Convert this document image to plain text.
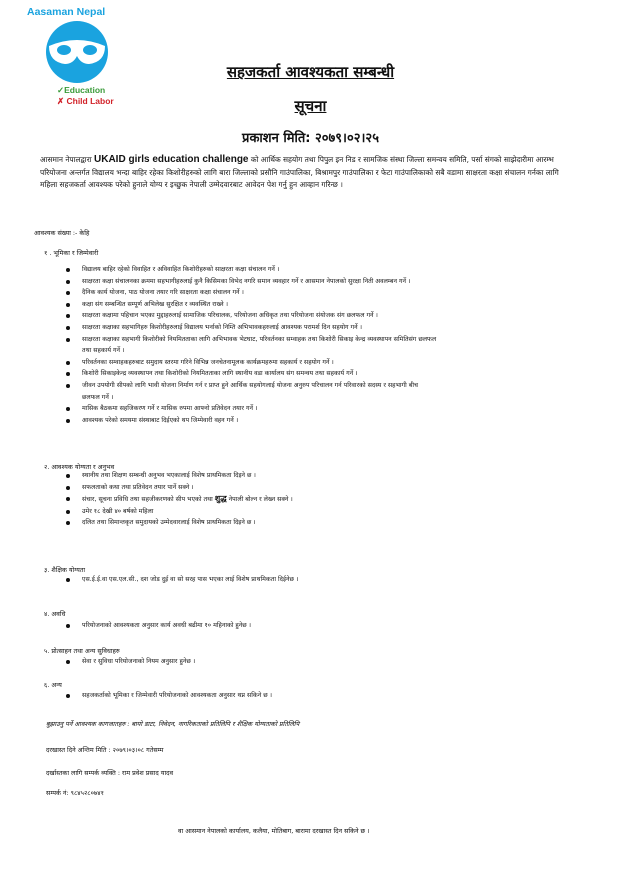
Aasaman Nepal
✓Education
✗ Child Labor
सहजकर्ता आवश्यकता सम्बन्धी
सूचना
प्रकाशन मिति: २०७९।०२।२५
आसमान नेपालद्वारा UKAID girls education challenge को आर्थिक सहयोग तथा पिपुल इन निड र सामजिक संस्था जिल्ला समन्वय समिति, पर्सा संगको साझेदारीमा आरम्भ परियोजना अन्तर्गत विद्यालय भन्दा बाहिर रहेका किशोरीहरुको लागि बारा जिल्लाको प्रसौनि गाउंपालिका, बिश्रामपुर गाउंपालिका र फेटा गाउंपालिकाको सबै वडामा साक्षरता कक्षा संचालन गर्नका लागि महिला सहजकर्ता आवश्यक परेको हुनाले योग्य र इच्छुक नेपाली उम्मेदवारबाट आवेदन पेश गर्नु हुन आव्हान गरिन्छ ।
आवश्यक संख्या :- केहि
१ . भूमिका र जिम्मेवारी
विद्यालय बाहिर रहेको विवाहित र अविवाहित किशोरीहरुको साक्षरता कक्षा संचालन गर्ने ।
साक्षरता कक्षा संचालनका क्रममा सहभागीहरुलाई कुनै किसिमका विभेद नगरि समान व्यवहार गर्ने र आसमान नेपालको सुरक्षा निती अवलम्बन गर्ने ।
दैनिक कार्य योजना, पाठ योजना तयार गरि साक्षरता कक्षा संचालन गर्ने ।
कक्षा संग सम्बन्धित सम्पूर्ण अभिलेख सुरक्षित र व्यवस्थित राख्ने ।
साक्षरता कक्षामा पहिचान भएका मुद्दाहरुलाई सामाजिक परिचालक, परियोजना अधिकृत तथा परियोजना संयोजक संग छलफल गर्ने ।
साक्षरता कक्षाका सहभागिहरु किशोरीहरुलाई विद्यालय भर्नाको निम्ति अभिभावकहरुलाई आवश्यक परामर्श दिन सहयोग गर्ने ।
साक्षरता कक्षाका सहभागी किशोरीको नियमितताका लागि अभिभावक भेटघाट, परिवर्तनका सम्वाहक तथा किशोरी सिकाइ केन्द्र व्यवस्थापन समितिसंग छलफल
तथा सहकार्य गर्ने ।
परिवर्तनका सम्वाहकहरुबाट समुदाय स्तरमा गरिने विभिन्न जनचेतनामूलक कार्यक्रमहरुमा सहकार्य र सहयोग गर्ने ।
किशोरी सिकाइकेन्द्र व्यवस्थापन तथा किशोरीको नियमितताका लागि स्थानीय वडा कार्यालय संग समन्वय तथा सहकार्य गर्ने ।
जीवन उपयोगी सीपको लागि भावी योजना निर्माण गर्न र प्राप्त हुने आर्थिक सहयोगलाई योजना अनुरुप परिचालन गर्न परिवारको सदस्य र सहभागी बीच
छलफल गर्ने ।
मासिक बैठकमा सहजिकरण गर्ने र मासिक रुपमा आफ्नो प्रतिवेदन तयार गर्ने ।
आवश्यक परेको समयमा संस्थाबाट दिईएको थप जिम्मेवारी वहन गर्ने ।
२. आवश्यक योग्यता र अनुभव
स्थानीय तथा शिक्षण सम्बन्धी अनुभव भएकालाई विशेष प्राथमिकता दिइने छ ।
सफलताको कथा तथा प्रतिवेदन तयार पार्ने सक्ने ।
संचार, सूचना प्रविधि तथा सहजीकरणको सीप भएको तथा शुद्ध नेपाली बोल्न र लेख्न सक्ने ।
उमेर १८ देखी ४० बर्षको महिला
दलित तथा सिमान्तकृत समुदायको उम्मेदवारलाई विशेष प्राथमिकता दिइने छ ।
३. शैक्षिक योग्यता
एस.ई.ई.वा एस.एल.सी., दश जोड दुई वा सो सरह पास भएका लाई विशेष प्राथमिकता दिईनेछ ।
४. अवधि
परियोजनाको आवश्यकता अनुसार कार्य अवधी बढीमा १० महिनाको हुनेछ ।
५. प्रोत्साहन तथा अन्य सुविधाहरु
सेवा र सुविधा परियोजनाको नियम अनुसार हुनेछ ।
६. अन्य
सहजकर्ताको भूमिका र जिम्मेवारी परियोजनाको आवश्यकता अनुसार थप्न सकिने छ ।
बुझाउनु पर्ने आवश्यक कागजातहरु : बायो डाटा, निवेदन, नागरिकताको प्रतिलिपि र शैक्षिक योग्यताको प्रतिलिपि
दरखास्त दिने अन्तिम मिति : २०७९।०३।०८ गतेसम्म
दर्खास्तका लागि सम्पर्क व्यक्ति : राम प्रवेश प्रसाद यादव
सम्पर्क नं: ९८४५२८०७४१
वा आसमान नेपालको कार्यालय, कलैया, मोतिबाग, बारामा दरखास्त दिन सकिने छ ।
